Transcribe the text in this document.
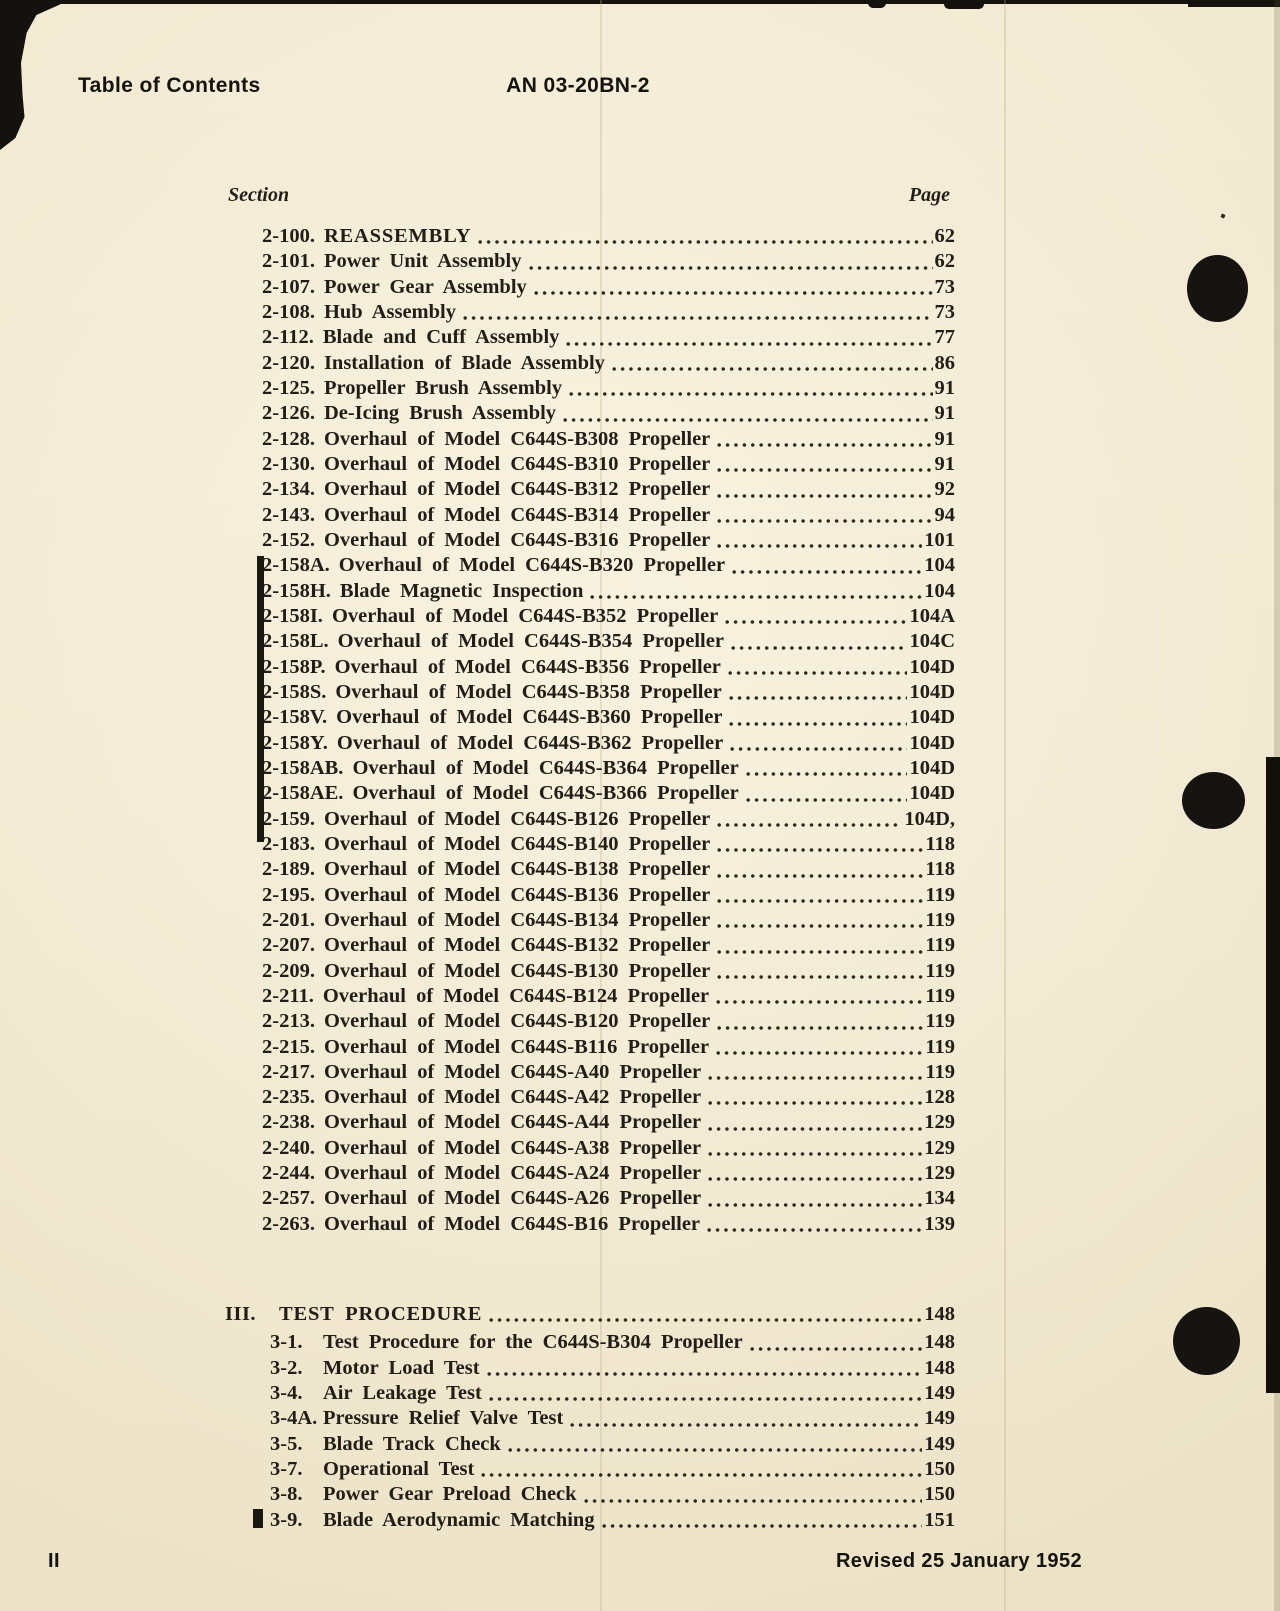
Table of Contents	AN 03-20BN-2
Section	Page
2-100. REASSEMBLY	62
2-101. Power Unit Assembly	62
2-107. Power Gear Assembly	73
2-108. Hub Assembly	73
2-112. Blade and Cuff Assembly	77
2-120. Installation of Blade Assembly	86
2-125. Propeller Brush Assembly	91
2-126. De-Icing Brush Assembly	91
2-128. Overhaul of Model C644S-B308 Propeller	91
2-130. Overhaul of Model C644S-B310 Propeller	91
2-134. Overhaul of Model C644S-B312 Propeller	92
2-143. Overhaul of Model C644S-B314 Propeller	94
2-152. Overhaul of Model C644S-B316 Propeller	101
2-158A. Overhaul of Model C644S-B320 Propeller	104
2-158H. Blade Magnetic Inspection	104
2-158I. Overhaul of Model C644S-B352 Propeller	104A
2-158L. Overhaul of Model C644S-B354 Propeller	104C
2-158P. Overhaul of Model C644S-B356 Propeller	104D
2-158S. Overhaul of Model C644S-B358 Propeller	104D
2-158V. Overhaul of Model C644S-B360 Propeller	104D
2-158Y. Overhaul of Model C644S-B362 Propeller	104D
2-158AB. Overhaul of Model C644S-B364 Propeller	104D
2-158AE. Overhaul of Model C644S-B366 Propeller	104D
2-159. Overhaul of Model C644S-B126 Propeller	104D,
2-183. Overhaul of Model C644S-B140 Propeller	118
2-189. Overhaul of Model C644S-B138 Propeller	118
2-195. Overhaul of Model C644S-B136 Propeller	119
2-201. Overhaul of Model C644S-B134 Propeller	119
2-207. Overhaul of Model C644S-B132 Propeller	119
2-209. Overhaul of Model C644S-B130 Propeller	119
2-211. Overhaul of Model C644S-B124 Propeller	119
2-213. Overhaul of Model C644S-B120 Propeller	119
2-215. Overhaul of Model C644S-B116 Propeller	119
2-217. Overhaul of Model C644S-A40 Propeller	119
2-235. Overhaul of Model C644S-A42 Propeller	128
2-238. Overhaul of Model C644S-A44 Propeller	129
2-240. Overhaul of Model C644S-A38 Propeller	129
2-244. Overhaul of Model C644S-A24 Propeller	129
2-257. Overhaul of Model C644S-A26 Propeller	134
2-263. Overhaul of Model C644S-B16 Propeller	139
III.	TEST PROCEDURE	148
3-1.	Test Procedure for the C644S-B304 Propeller	148
3-2.	Motor Load Test	148
3-4.	Air Leakage Test	149
3-4A. Pressure Relief Valve Test	149
3-5.	Blade Track Check	149
3-7.	Operational Test	150
3-8.	Power Gear Preload Check	150
3-9.	Blade Aerodynamic Matching	151
II	Revised 25 January 1952
